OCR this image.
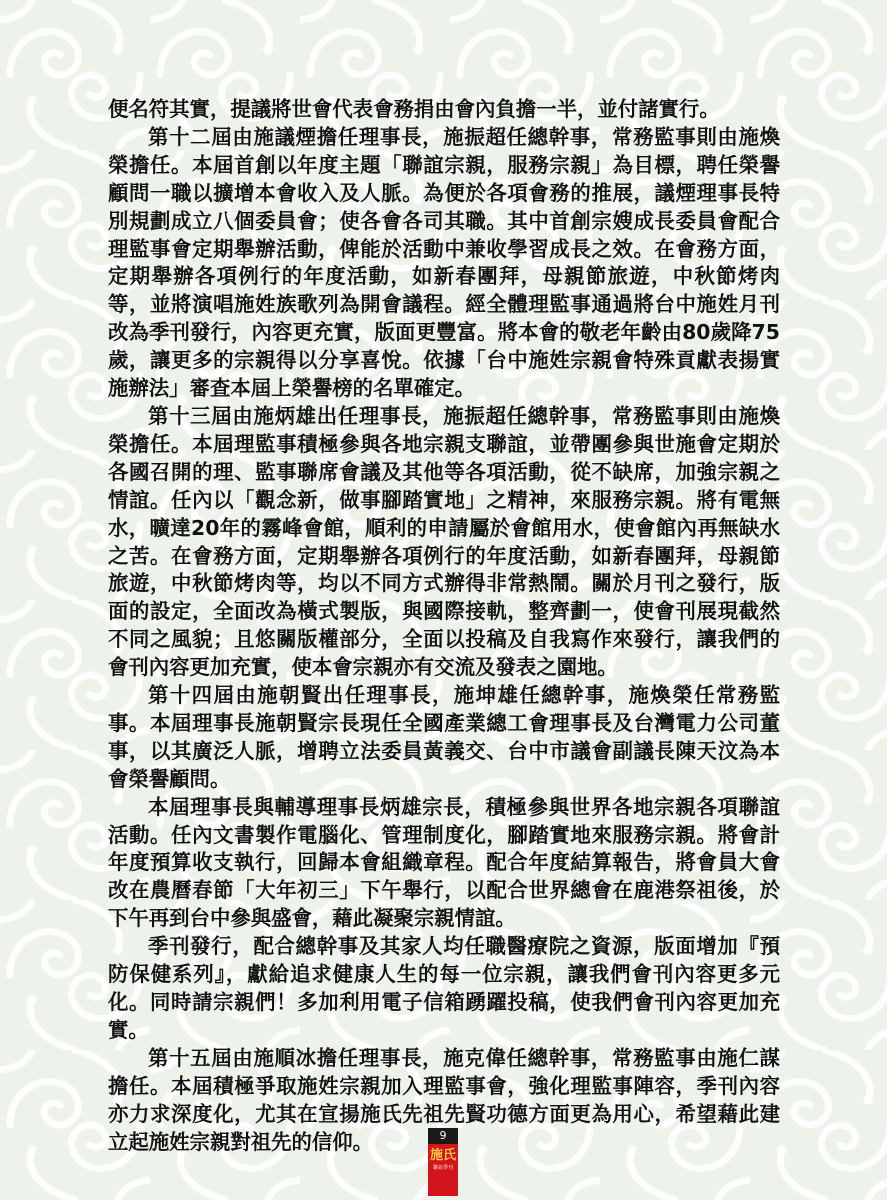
便名符其實，提議將世會代表會務捐由會內負擔一半，並付諸實行。

第十二屆由施議煙擔任理事長，施振超任總幹事，常務監事則由施煥榮擔任。本屆首創以年度主題「聯誼宗親，服務宗親」為目標，聘任榮譽顧問一職以擴增本會收入及人脈。為便於各項會務的推展，議煙理事長特別規劃成立八個委員會；使各會各司其職。其中首創宗嫂成長委員會配合理監事會定期舉辦活動，俾能於活動中兼收學習成長之效。在會務方面，定期舉辦各項例行的年度活動，如新春團拜，母親節旅遊，中秋節烤肉等，並將演唱施姓族歌列為開會議程。經全體理監事通過將台中施姓月刊改為季刊發行，內容更充實，版面更豐富。將本會的敬老年齡由80歲降75歲，讓更多的宗親得以分享喜悅。依據「台中施姓宗親會特殊貢獻表揚實施辦法」審查本屆上榮譽榜的名單確定。

第十三屆由施炳雄出任理事長，施振超任總幹事，常務監事則由施煥榮擔任。本屆理監事積極參與各地宗親支聯誼，並帶團參與世施會定期於各國召開的理、監事聯席會議及其他等各項活動，從不缺席，加強宗親之情誼。任內以「觀念新，做事腳踏實地」之精神，來服務宗親。將有電無水，曠達20年的霧峰會館，順利的申請屬於會館用水，使會館內再無缺水之苦。在會務方面，定期舉辦各項例行的年度活動，如新春團拜，母親節旅遊，中秋節烤肉等，均以不同方式辦得非常熱鬧。關於月刊之發行，版面的設定，全面改為橫式製版，與國際接軌，整齊劃一，使會刊展現截然不同之風貌；且悠關版權部分，全面以投稿及自我寫作來發行，讓我們的會刊內容更加充實，使本會宗親亦有交流及發表之園地。

第十四屆由施朝賢出任理事長，施坤雄任總幹事，施煥榮任常務監事。本屆理事長施朝賢宗長現任全國產業總工會理事長及台灣電力公司董事，以其廣泛人脈，增聘立法委員黃義交、台中市議會副議長陳天汶為本會榮譽顧問。

本屆理事長與輔導理事長炳雄宗長，積極參與世界各地宗親各項聯誼活動。任內文書製作電腦化、管理制度化，腳踏實地來服務宗親。將會計年度預算收支執行，回歸本會組織章程。配合年度結算報告，將會員大會改在農曆春節「大年初三」下午舉行，以配合世界總會在鹿港祭祖後，於下午再到台中參與盛會，藉此凝聚宗親情誼。

季刊發行，配合總幹事及其家人均任職醫療院之資源，版面增加『預防保健系列』，獻給追求健康人生的每一位宗親，讓我們會刊內容更多元化。同時請宗親們！多加利用電子信箱踴躍投稿，使我們會刊內容更加充實。

第十五屆由施順冰擔任理事長，施克偉任總幹事，常務監事由施仁謀擔任。本屆積極爭取施姓宗親加入理監事會，強化理監事陣容，季刊內容亦力求深度化，尤其在宣揚施氏先祖先賢功德方面更為用心，希望藉此建立起施姓宗親對祖先的信仰。	9
施氏
聯誼季刊
